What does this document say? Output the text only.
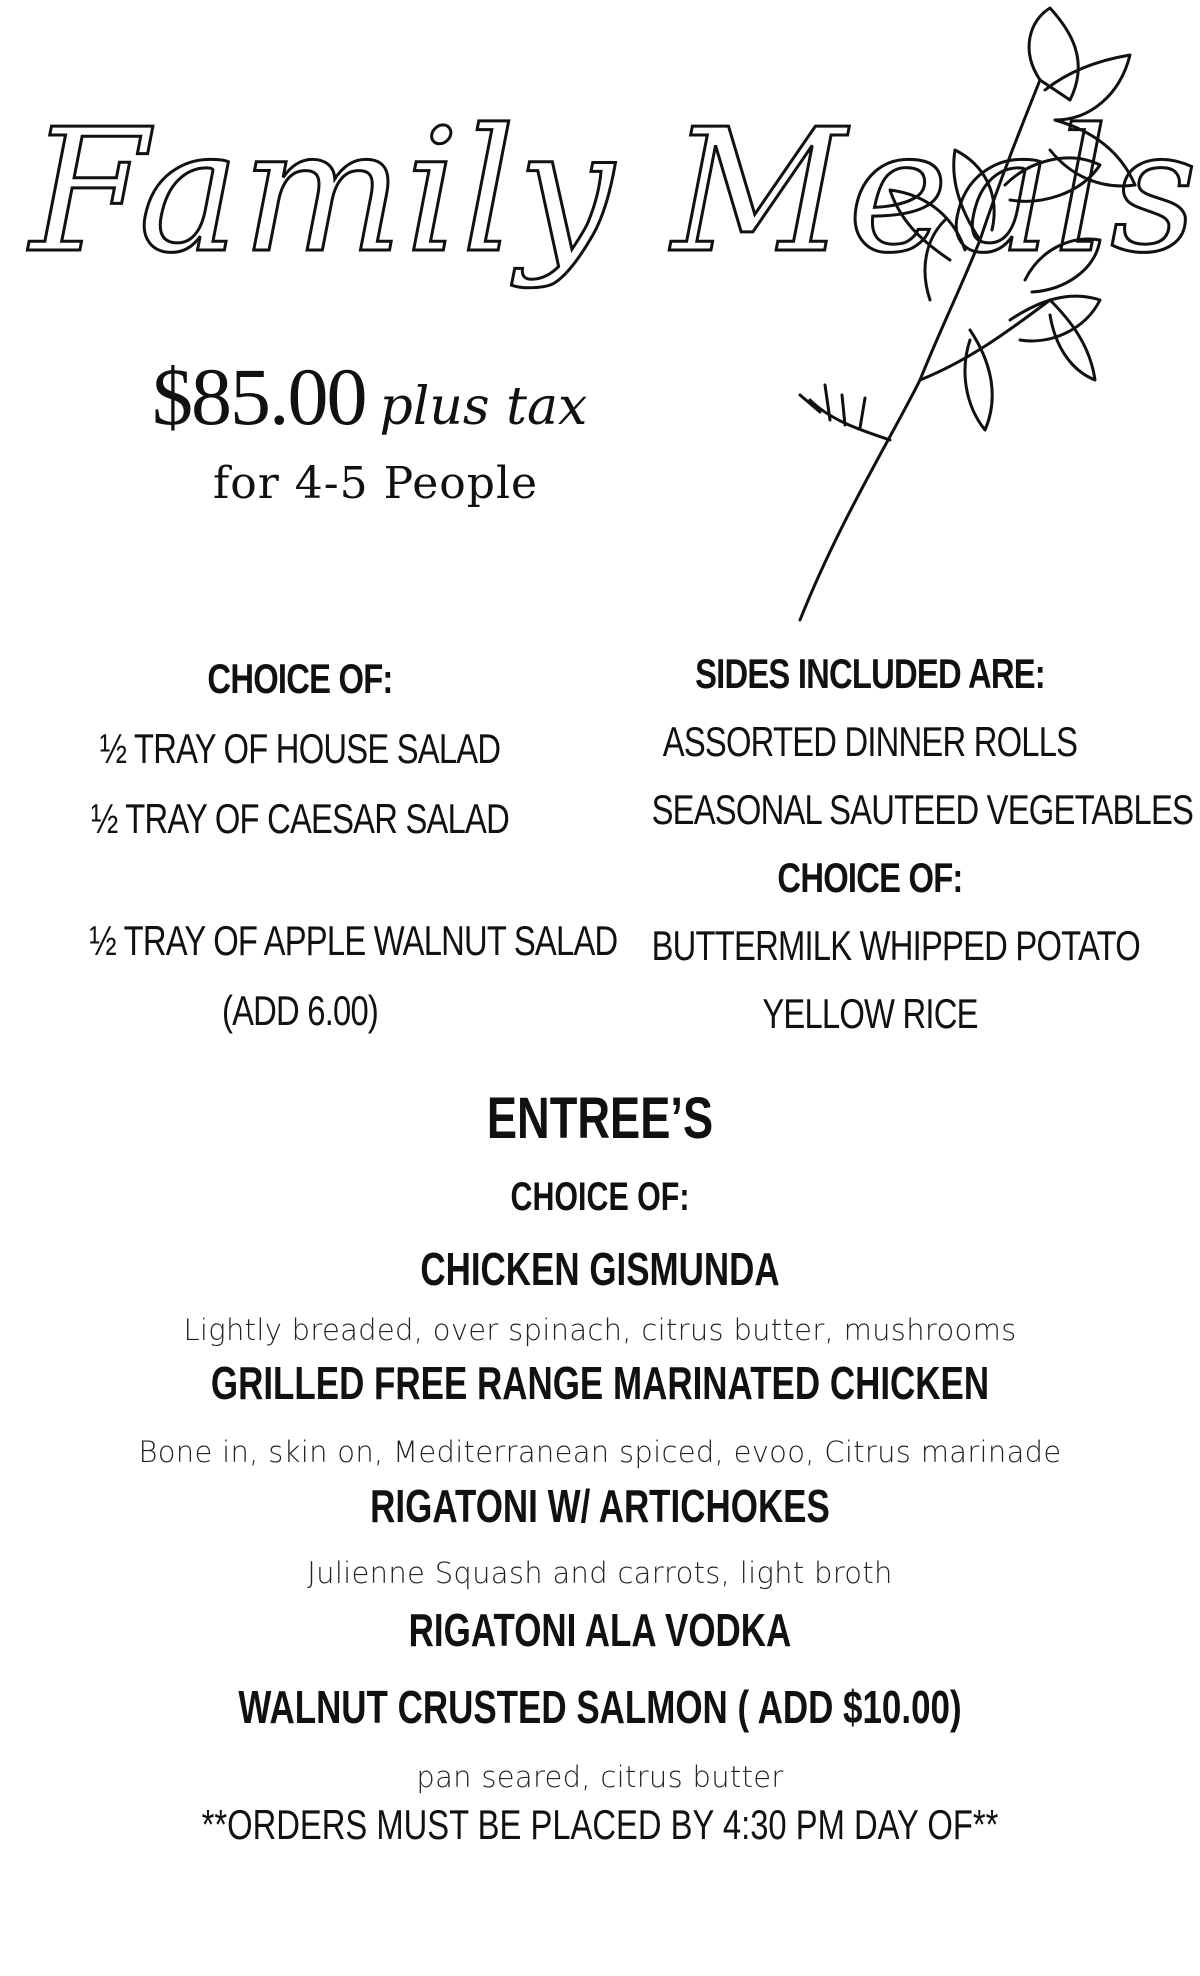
Family Meals
$85.00 plus tax
for 4-5 People
CHOICE OF:
½ TRAY OF HOUSE SALAD
½ TRAY OF CAESAR SALAD
½ TRAY OF APPLE WALNUT SALAD
(ADD 6.00)
SIDES INCLUDED ARE:
ASSORTED DINNER ROLLS
SEASONAL SAUTEED VEGETABLES
CHOICE OF:
BUTTERMILK WHIPPED POTATO
YELLOW RICE
ENTREE’S
CHOICE OF:
CHICKEN GISMUNDA
Lightly breaded, over spinach, citrus butter, mushrooms
GRILLED FREE RANGE MARINATED CHICKEN
Bone in, skin on, Mediterranean spiced, evoo, Citrus marinade
RIGATONI W/ ARTICHOKES
Julienne Squash and carrots, light broth
RIGATONI ALA VODKA
WALNUT CRUSTED SALMON ( ADD $10.00)
pan seared, citrus butter
**ORDERS MUST BE PLACED BY 4:30 PM DAY OF**
